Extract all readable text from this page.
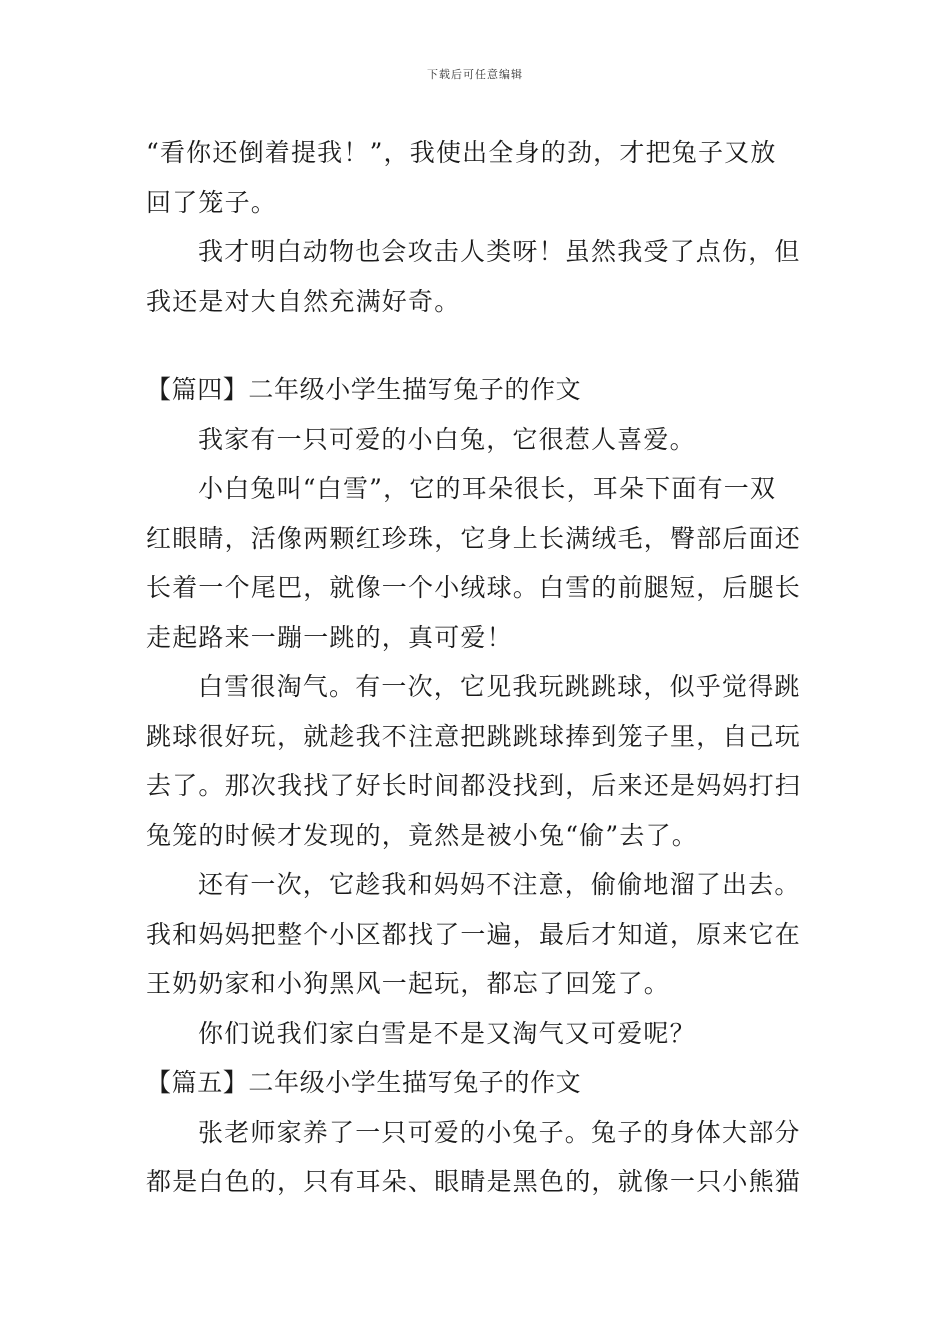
下载后可任意编辑
“看你还倒着提我！”，我使出全身的劲，才把兔子又放
回了笼子。
我才明白动物也会攻击人类呀！虽然我受了点伤，但
我还是对大自然充满好奇。
【篇四】二年级小学生描写兔子的作文
我家有一只可爱的小白兔，它很惹人喜爱。
小白兔叫“白雪”，它的耳朵很长，耳朵下面有一双
红眼睛，活像两颗红珍珠，它身上长满绒毛，臀部后面还
长着一个尾巴，就像一个小绒球。白雪的前腿短，后腿长
走起路来一蹦一跳的，真可爱！
白雪很淘气。有一次，它见我玩跳跳球，似乎觉得跳
跳球很好玩，就趁我不注意把跳跳球捧到笼子里，自己玩
去了。那次我找了好长时间都没找到，后来还是妈妈打扫
兔笼的时候才发现的，竟然是被小兔“偷”去了。
还有一次，它趁我和妈妈不注意，偷偷地溜了出去。
我和妈妈把整个小区都找了一遍，最后才知道，原来它在
王奶奶家和小狗黑风一起玩，都忘了回笼了。
你们说我们家白雪是不是又淘气又可爱呢？
【篇五】二年级小学生描写兔子的作文
张老师家养了一只可爱的小兔子。兔子的身体大部分
都是白色的，只有耳朵、眼睛是黑色的，就像一只小熊猫
